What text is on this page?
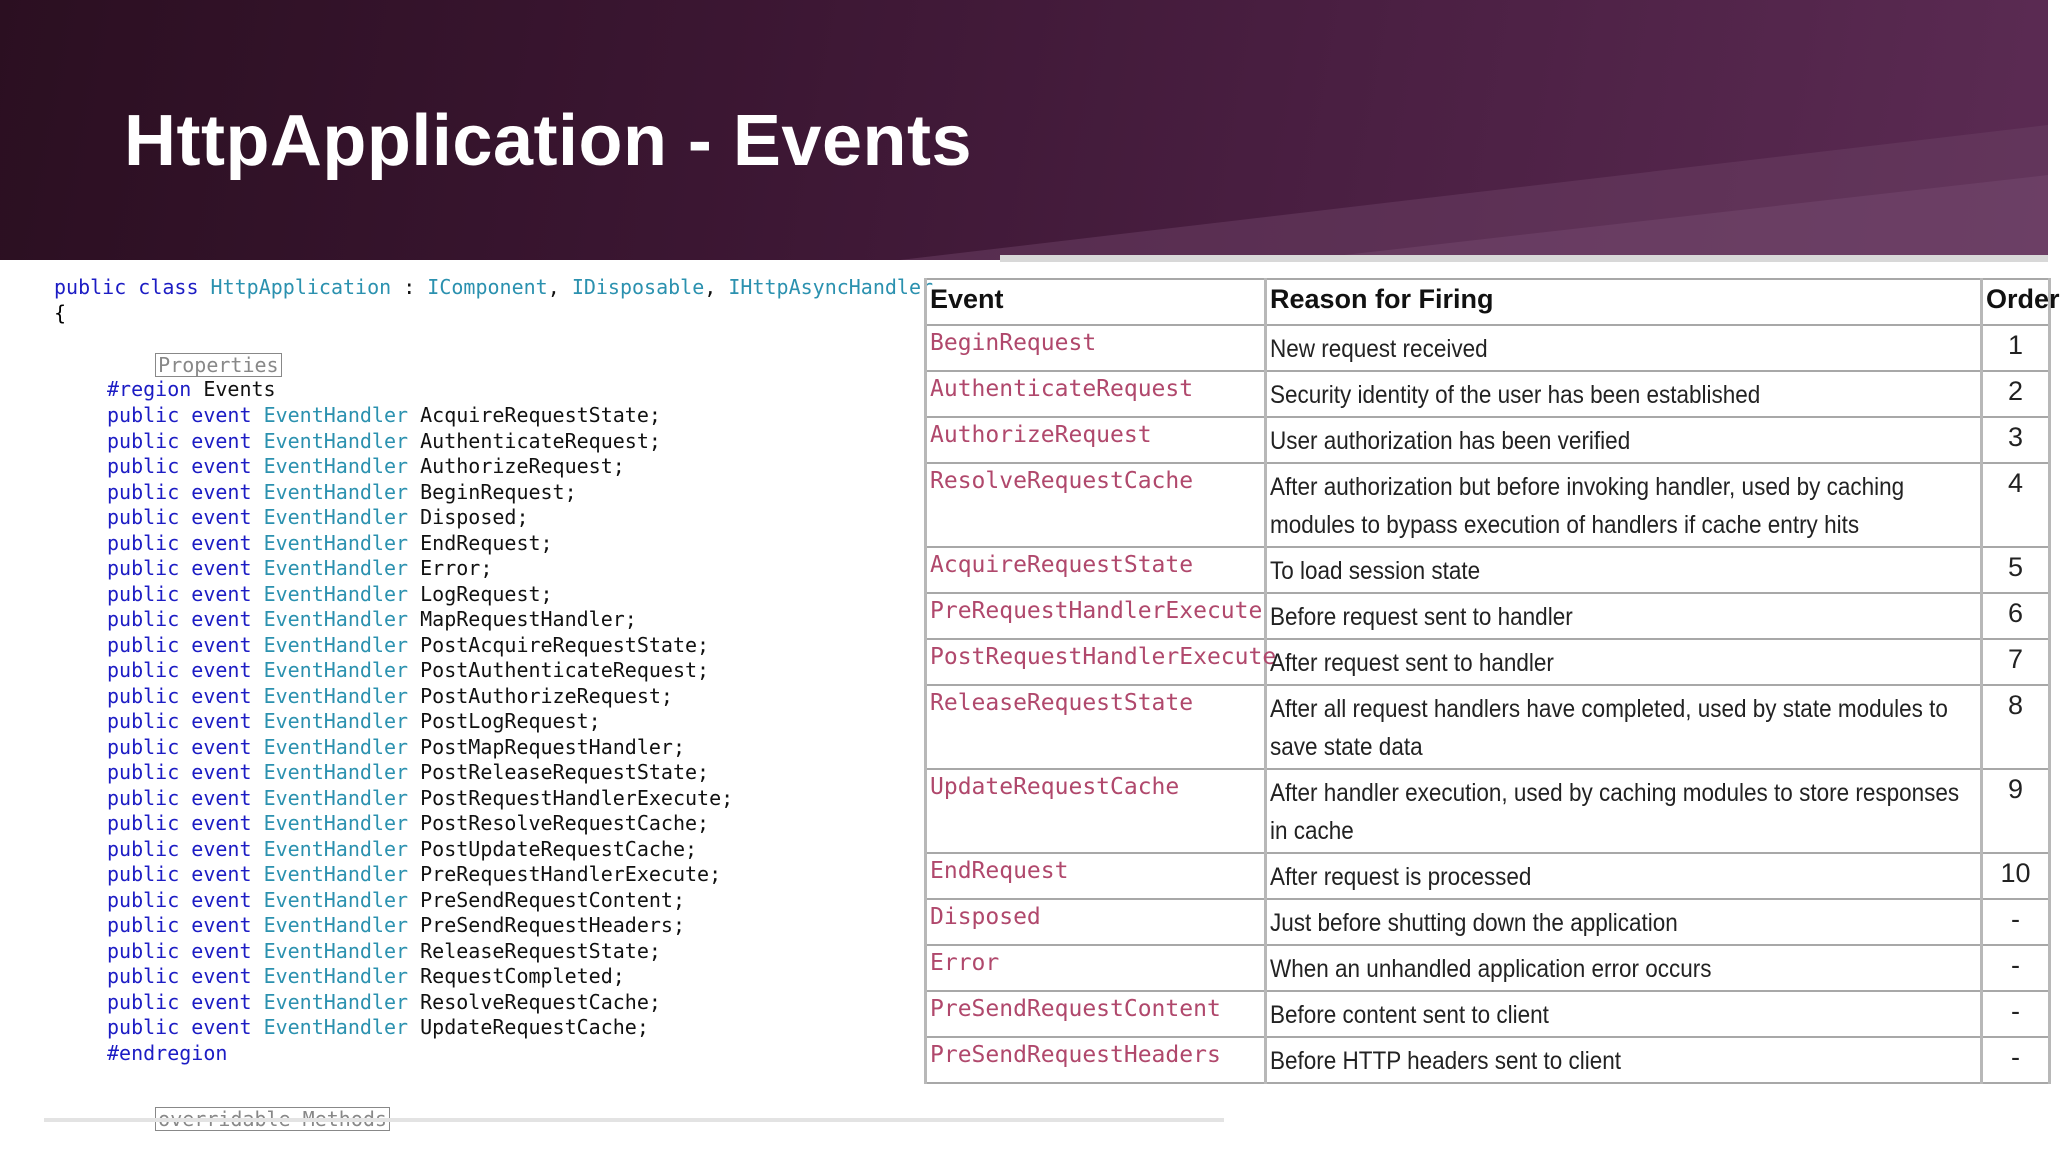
HttpApplication - Events
public class HttpApplication : IComponent, IDisposable, IHttpAsyncHandler
{

Properties

#region Events
public event EventHandler AcquireRequestState;
public event EventHandler AuthenticateRequest;
public event EventHandler AuthorizeRequest;
public event EventHandler BeginRequest;
public event EventHandler Disposed;
public event EventHandler EndRequest;
public event EventHandler Error;
public event EventHandler LogRequest;
public event EventHandler MapRequestHandler;
public event EventHandler PostAcquireRequestState;
public event EventHandler PostAuthenticateRequest;
public event EventHandler PostAuthorizeRequest;
public event EventHandler PostLogRequest;
public event EventHandler PostMapRequestHandler;
public event EventHandler PostReleaseRequestState;
public event EventHandler PostRequestHandlerExecute;
public event EventHandler PostResolveRequestCache;
public event EventHandler PostUpdateRequestCache;
public event EventHandler PreRequestHandlerExecute;
public event EventHandler PreSendRequestContent;
public event EventHandler PreSendRequestHeaders;
public event EventHandler ReleaseRequestState;
public event EventHandler RequestCompleted;
public event EventHandler ResolveRequestCache;
public event EventHandler UpdateRequestCache;
#endregion

Event	Reason for Firing	Order

BeginRequest	New request received	1

AuthenticateRequest	Security identity of the user has been established	2

AuthorizeRequest	User authorization has been verified	3

ResolveRequestCache	After authorization but before invoking handler, used by caching modules to bypass execution of handlers if cache entry hits	4

AcquireRequestState	To load session state	5

PreRequestHandlerExecute	Before request sent to handler	6

PostRequestHandlerExecute	After request sent to handler	7

ReleaseRequestState	After all request handlers have completed, used by state modules to save state data	8

UpdateRequestCache	After handler execution, used by caching modules to store responses in cache	9

EndRequest	After request is processed	10

Disposed	Just before shutting down the application	-

Error	When an unhandled application error occurs	-

PreSendRequestContent	Before content sent to client	-

PreSendRequestHeaders	Before HTTP headers sent to client	-
